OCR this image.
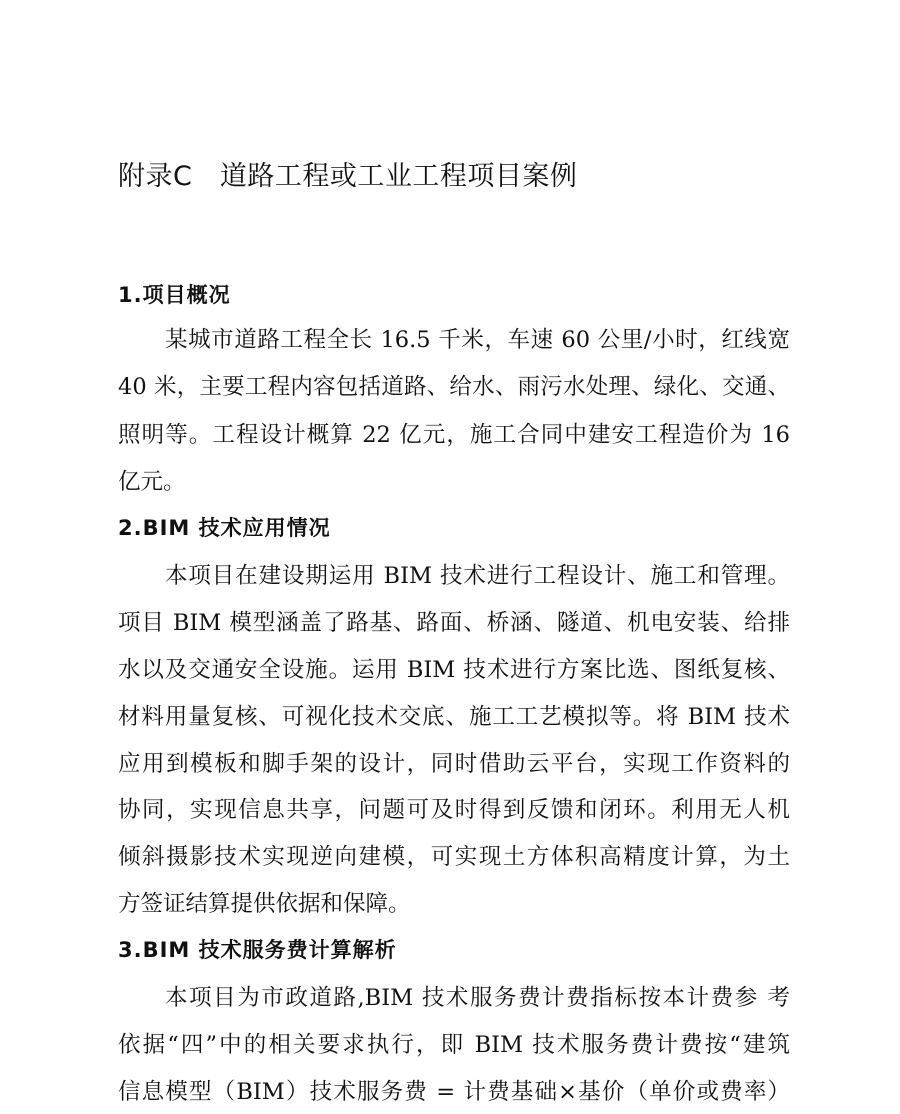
附录C　道路工程或工业工程项目案例
1.项目概况
某城市道路工程全长 16.5 千米，车速 60 公里/小时，红线宽
40 米，主要工程内容包括道路、给水、雨污水处理、绿化、交通、
照明等。工程设计概算 22 亿元，施工合同中建安工程造价为 16
亿元。
2.BIM 技术应用情况
本项目在建设期运用 BIM 技术进行工程设计、施工和管理。
项目 BIM 模型涵盖了路基、路面、桥涵、隧道、机电安装、给排
水以及交通安全设施。运用 BIM 技术进行方案比选、图纸复核、
材料用量复核、可视化技术交底、施工工艺模拟等。将 BIM 技术
应用到模板和脚手架的设计，同时借助云平台，实现工作资料的
协同，实现信息共享，问题可及时得到反馈和闭环。利用无人机
倾斜摄影技术实现逆向建模，可实现土方体积高精度计算，为土
方签证结算提供依据和保障。
3.BIM 技术服务费计算解析
本项目为市政道路,BIM 技术服务费计费指标按本计费参 考
依据“四”中的相关要求执行，即 BIM 技术服务费计费按“建筑
信息模型（BIM）技术服务费 = 计费基础×基价（单价或费率）
